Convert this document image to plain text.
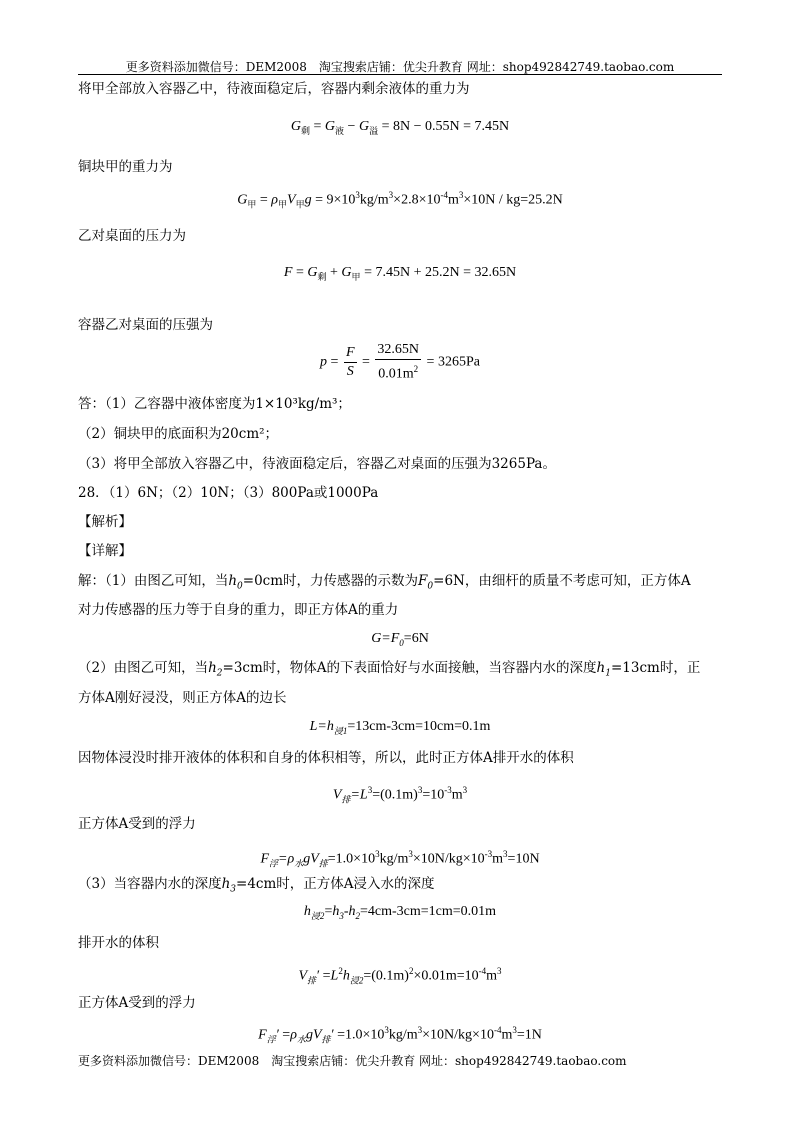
更多资料添加微信号：DEM2008　淘宝搜索店铺：优尖升教育 网址：shop492842749.taobao.com
将甲全部放入容器乙中，待液面稳定后，容器内剩余液体的重力为
$G_剩 = G_液 - G_溢 = 8N - 0.55N = 7.45N$
铜块甲的重力为
$G_甲 = \rho_甲V_甲g = 9\times 10^3kg/m^3\times 2.8\times 10^{-4}m^3\times 10N / kg=25.2N$
乙对桌面的压力为
$F = G_剩 + G_甲 = 7.45N + 25.2N = 32.65N$
容器乙对桌面的压强为
$p = \frac{F}{S} = \frac{32.65N}{0.01m^2} = 3265Pa$
答：（1）乙容器中液体密度为1×10³kg/m³；
（2）铜块甲的底面积为20cm²；
（3）将甲全部放入容器乙中，待液面稳定后，容器乙对桌面的压强为3265Pa。
28．（1）6N；（2）10N；（3）800Pa或1000Pa
【解析】
【详解】
解：（1）由图乙可知，当$h_0=0cm$时，力传感器的示数为$F_0=6N$，由细杆的质量不考虑可知，正方体A
对力传感器的压力等于自身的重力，即正方体A的重力
$G=F_0=6N$
（2）由图乙可知，当$h_2=3cm$时，物体A的下表面恰好与水面接触，当容器内水的深度$h_1=13cm$时，正
方体A刚好浸没，则正方体A的边长
$L=h_{浸1}=13cm-3cm=10cm=0.1m$
因物体浸没时排开液体的体积和自身的体积相等，所以，此时正方体A排开水的体积
$V_排=L^3=(0.1m)^3=10^{-3}m^3$
正方体A受到的浮力
$F_浮=\rho_水gV_排=1.0\times 10^3kg/m^3\times 10N/kg\times 10^{-3}m^3=10N$
（3）当容器内水的深度$h_3=4cm$时，正方体A浸入水的深度
$h_{浸2}=h_3-h_2=4cm-3cm=1cm=0.01m$
排开水的体积
$V_排' =L^2h_{浸2}=(0.1m)^2\times 0.01m=10^{-4}m^3$
正方体A受到的浮力
$F_浮' =\rho_水gV_排' =1.0\times 10^3kg/m^3\times 10N/kg\times 10^{-4}m^3=1N$
更多资料添加微信号：DEM2008　淘宝搜索店铺：优尖升教育 网址：shop492842749.taobao.com
